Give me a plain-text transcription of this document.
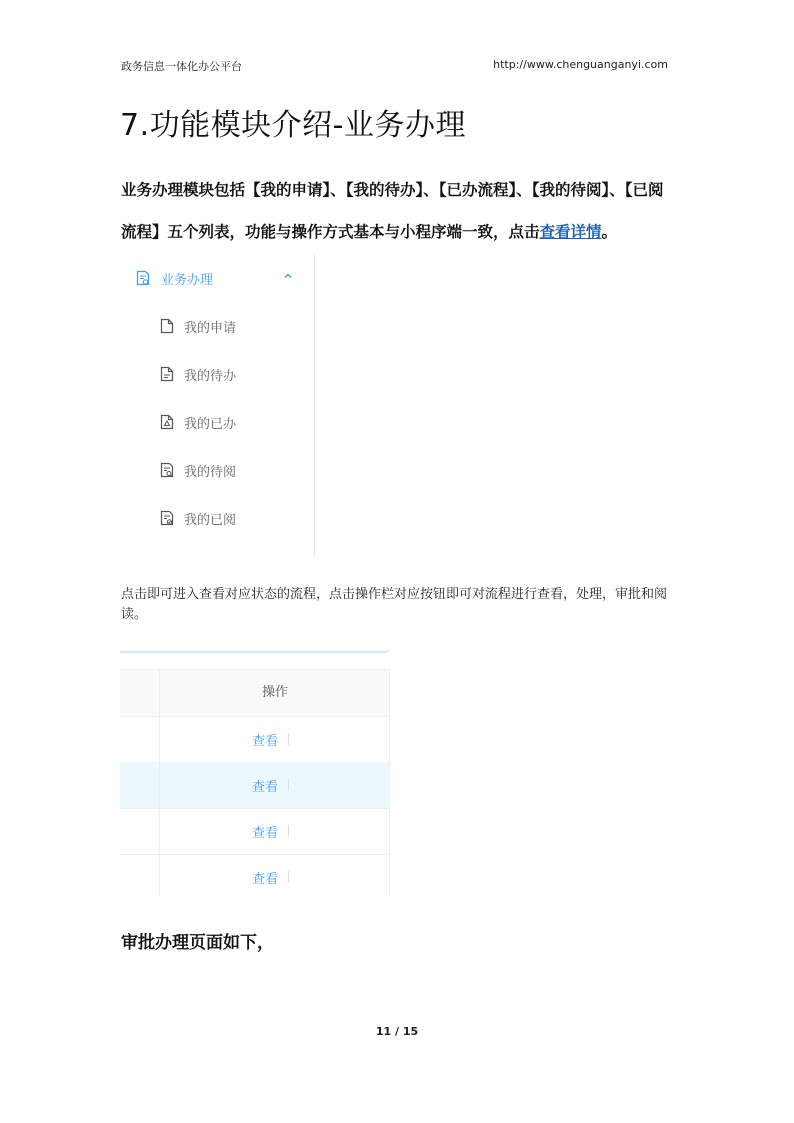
政务信息一体化办公平台	http://www.chenguanganyi.com
7.功能模块介绍-业务办理

业务办理模块包括【我的申请】、【我的待办】、【已办流程】、【我的待阅】、【已阅

流程】五个列表，功能与操作方式基本与小程序端一致，点击查看详情。

业务办理
我的申请
我的待办
我的已办
我的待阅
我的已阅

点击即可进入查看对应状态的流程，点击操作栏对应按钮即可对流程进行查看，处理，审批和阅读。

操作
查看
查看
查看
查看

审批办理页面如下，

11 / 15
